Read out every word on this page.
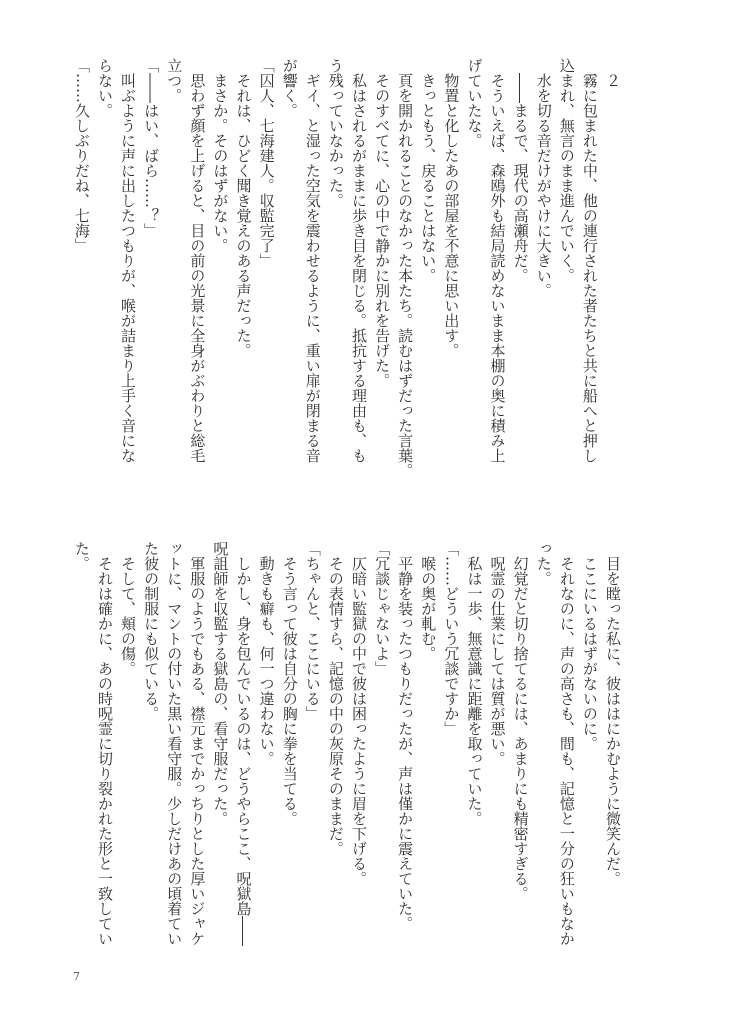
　２
　霧に包まれた中、他の連行された者たちと共に船へと押し
込まれ、無言のまま進んでいく。
　水を切る音だけがやけに大きい。
　――まるで、現代の高瀬舟だ。
　そういえば、森鴎外も結局読めないまま本棚の奥に積み上
げていたな。
　物置と化したあの部屋を不意に思い出す。
　きっともう、戻ることはない。
　頁を開かれることのなかった本たち。読むはずだった言葉。
　そのすべてに、心の中で静かに別れを告げた。
　私はされるがままに歩き目を閉じる。抵抗する理由も、も
う残っていなかった。
　ギイ、と湿った空気を震わせるように、重い扉が閉まる音
が響く。
「囚人、七海建人。収監完了」
　それは、ひどく聞き覚えのある声だった。
　まさか。そのはずがない。
　思わず顔を上げると、目の前の光景に全身がぶわりと総毛
立つ。
「――はい、ばら……？」
　叫ぶように声に出したつもりが、喉が詰まり上手く音にな
らない。
「……久しぶりだね、七海」
　目を瞠った私に、彼ははにかむように微笑んだ。
　ここにいるはずがないのに。
　それなのに、声の高さも、間も、記憶と一分の狂いもなか
った。
　幻覚だと切り捨てるには、あまりにも精密すぎる。
　呪霊の仕業にしては質が悪い。
　私は一歩、無意識に距離を取っていた。
「……どういう冗談ですか」
　喉の奥が軋む。
　平静を装ったつもりだったが、声は僅かに震えていた。
「冗談じゃないよ」
　仄暗い監獄の中で彼は困ったように眉を下げる。
　その表情すら、記憶の中の灰原そのままだ。
「ちゃんと、ここにいる」
　そう言って彼は自分の胸に拳を当てる。
　動きも癖も、何一つ違わない。
　しかし、身を包んでいるのは、どうやらここ、呪獄島――
呪詛師を収監する獄島の、看守服だった。
　軍服のようでもある、襟元までかっちりとした厚いジャケ
ットに、マントの付いた黒い看守服。少しだけあの頃着てい
た彼の制服にも似ている。
　そして、頬の傷。
　それは確かに、あの時呪霊に切り裂かれた形と一致してい
た。
7
